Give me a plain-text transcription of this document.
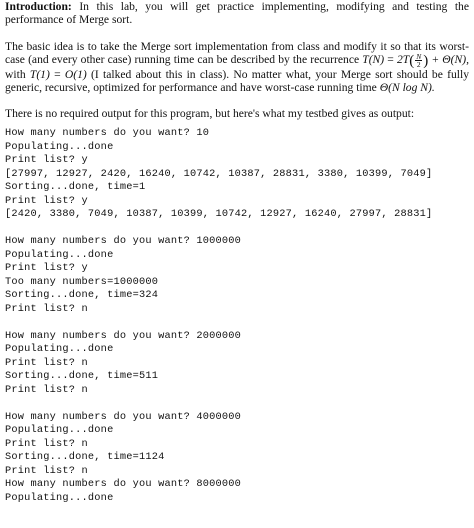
Introduction: In this lab, you will get practice implementing, modifying and testing the performance of Merge sort.

The basic idea is to take the Merge sort implementation from class and modify it so that its worst-case (and every other case) running time can be described by the recurrence $T(N) = 2T( \frac{N}{2}$ ) + Θ(N), with T(1) = O(1) (I talked about this in class). No matter what, your Merge sort should be fully generic, recursive, optimized for performance and have worst-case running time Θ(N log N).

There is no required output for this program, but here's what my testbed gives as output:

How many numbers do you want? 10
Populating...done
Print list? y
[27997, 12927, 2420, 16240, 10742, 10387, 28831, 3380, 10399, 7049]
Sorting...done, time=1
Print list? y
[2420, 3380, 7049, 10387, 10399, 10742, 12927, 16240, 27997, 28831]
How many numbers do you want? 1000000
Populating...done
Print list? y
Too many numbers=1000000
Sorting...done, time=324
Print list? n
How many numbers do you want? 2000000
Populating...done
Print list? n
Sorting...done, time=511
Print list? n
How many numbers do you want? 4000000
Populating...done
Print list? n
Sorting...done, time=1124
Print list? n
How many numbers do you want? 8000000
Populating...done
